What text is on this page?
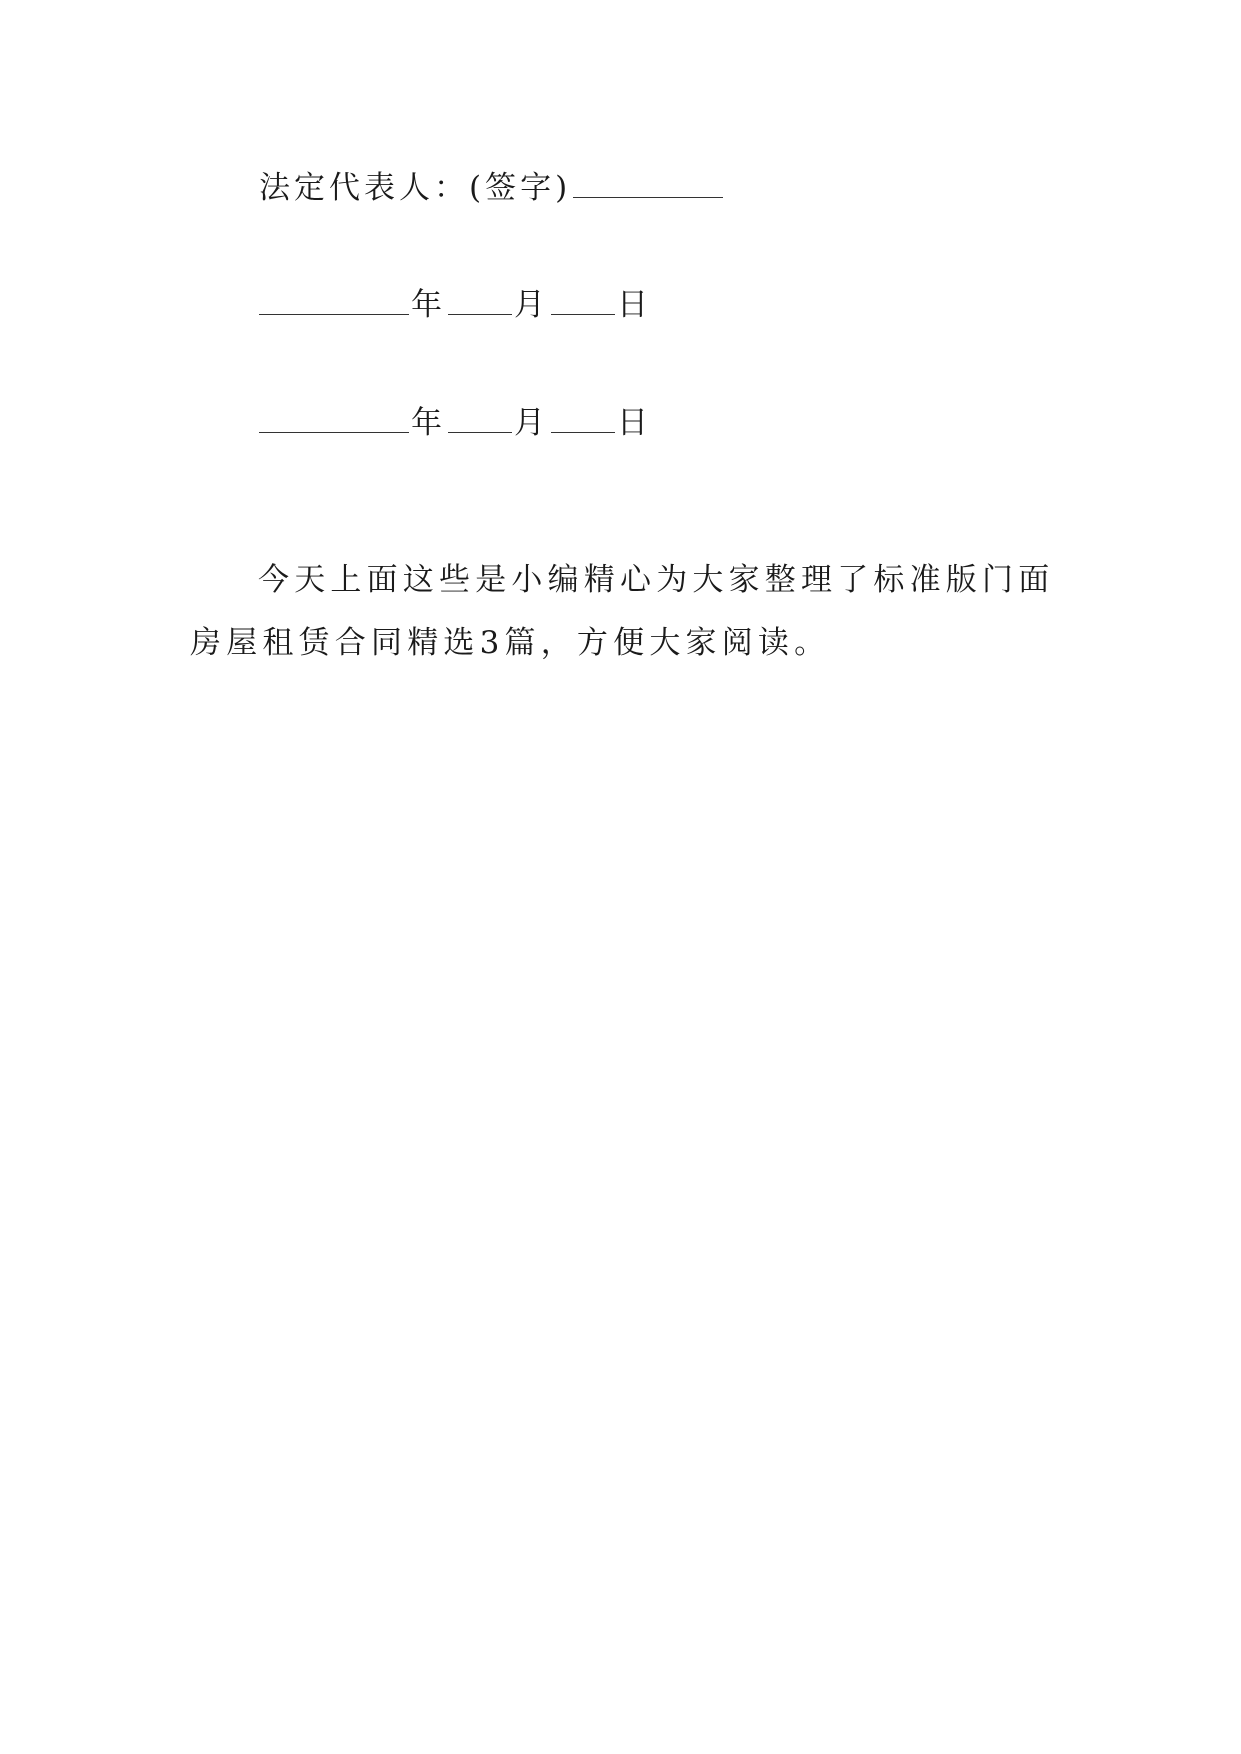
法定代表人：(签字)
年 月 日
年 月 日

今天上面这些是小编精心为大家整理了标准版门面房屋租赁合同精选3篇，方便大家阅读。
